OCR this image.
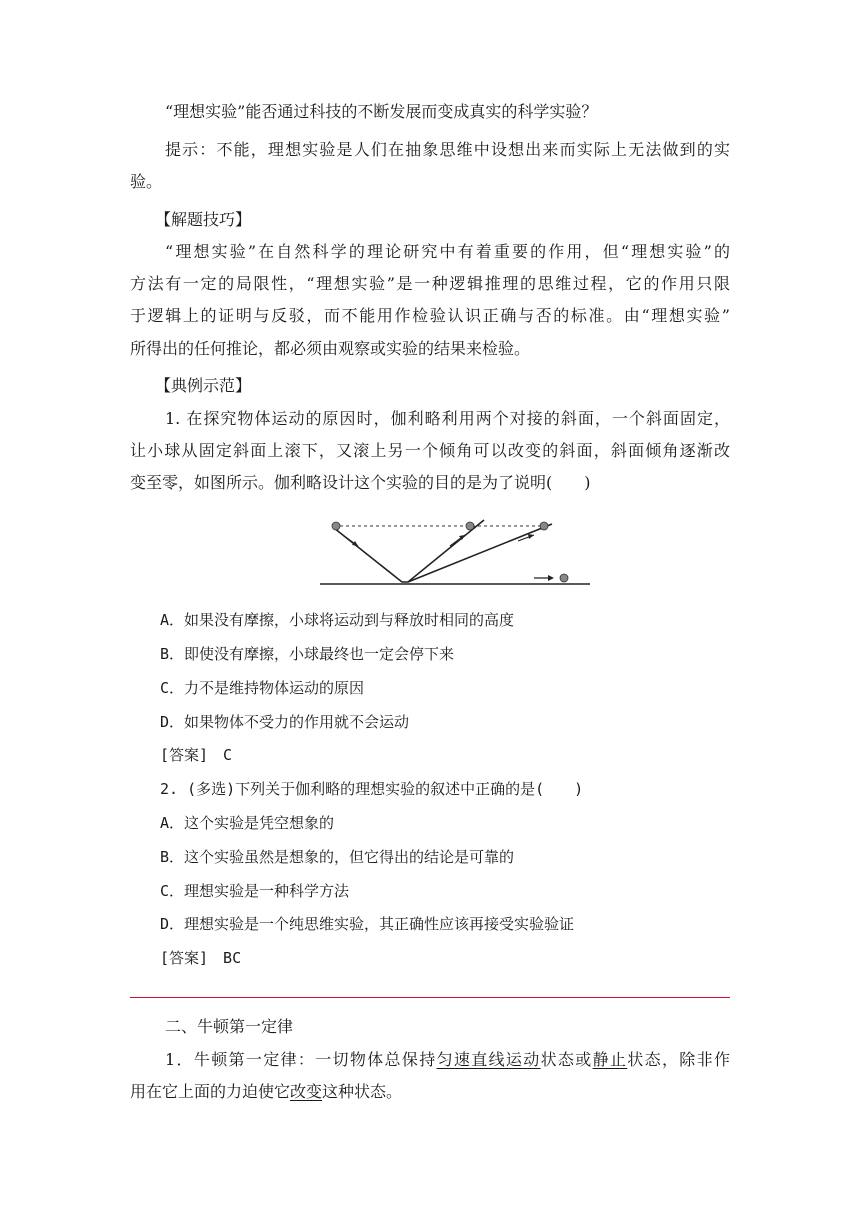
“理想实验”能否通过科技的不断发展而变成真实的科学实验？
提示：不能，理想实验是人们在抽象思维中设想出来而实际上无法做到的实
验。
【解题技巧】
“理想实验”在自然科学的理论研究中有着重要的作用，但“理想实验”的
方法有一定的局限性，“理想实验”是一种逻辑推理的思维过程，它的作用只限
于逻辑上的证明与反驳，而不能用作检验认识正确与否的标准。由“理想实验”
所得出的任何推论，都必须由观察或实验的结果来检验。
【典例示范】
1. 在探究物体运动的原因时，伽利略利用两个对接的斜面，一个斜面固定，
让小球从固定斜面上滚下，又滚上另一个倾角可以改变的斜面，斜面倾角逐渐改
变至零，如图所示。伽利略设计这个实验的目的是为了说明(　　)
A．如果没有摩擦，小球将运动到与释放时相同的高度
B．即使没有摩擦，小球最终也一定会停下来
C．力不是维持物体运动的原因
D．如果物体不受力的作用就不会运动
[答案]　C
2. (多选)下列关于伽利略的理想实验的叙述中正确的是(　　)
A．这个实验是凭空想象的
B．这个实验虽然是想象的，但它得出的结论是可靠的
C．理想实验是一种科学方法
D．理想实验是一个纯思维实验，其正确性应该再接受实验验证
[答案]　BC
二、牛顿第一定律
1．牛顿第一定律：一切物体总保持匀速直线运动状态或静止状态，除非作
用在它上面的力迫使它改变这种状态。
